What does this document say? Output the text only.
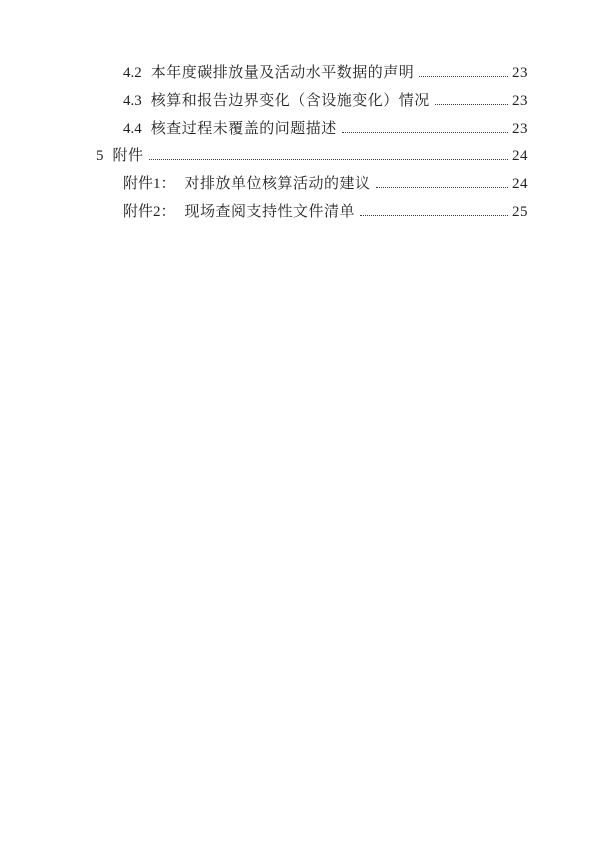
4.2 本年度碳排放量及活动水平数据的声明	23
4.3 核算和报告边界变化（含设施变化）情况	23
4.4 核查过程未覆盖的问题描述	23
5 附件	24
附件1： 对排放单位核算活动的建议	24
附件2： 现场查阅支持性文件清单	25
